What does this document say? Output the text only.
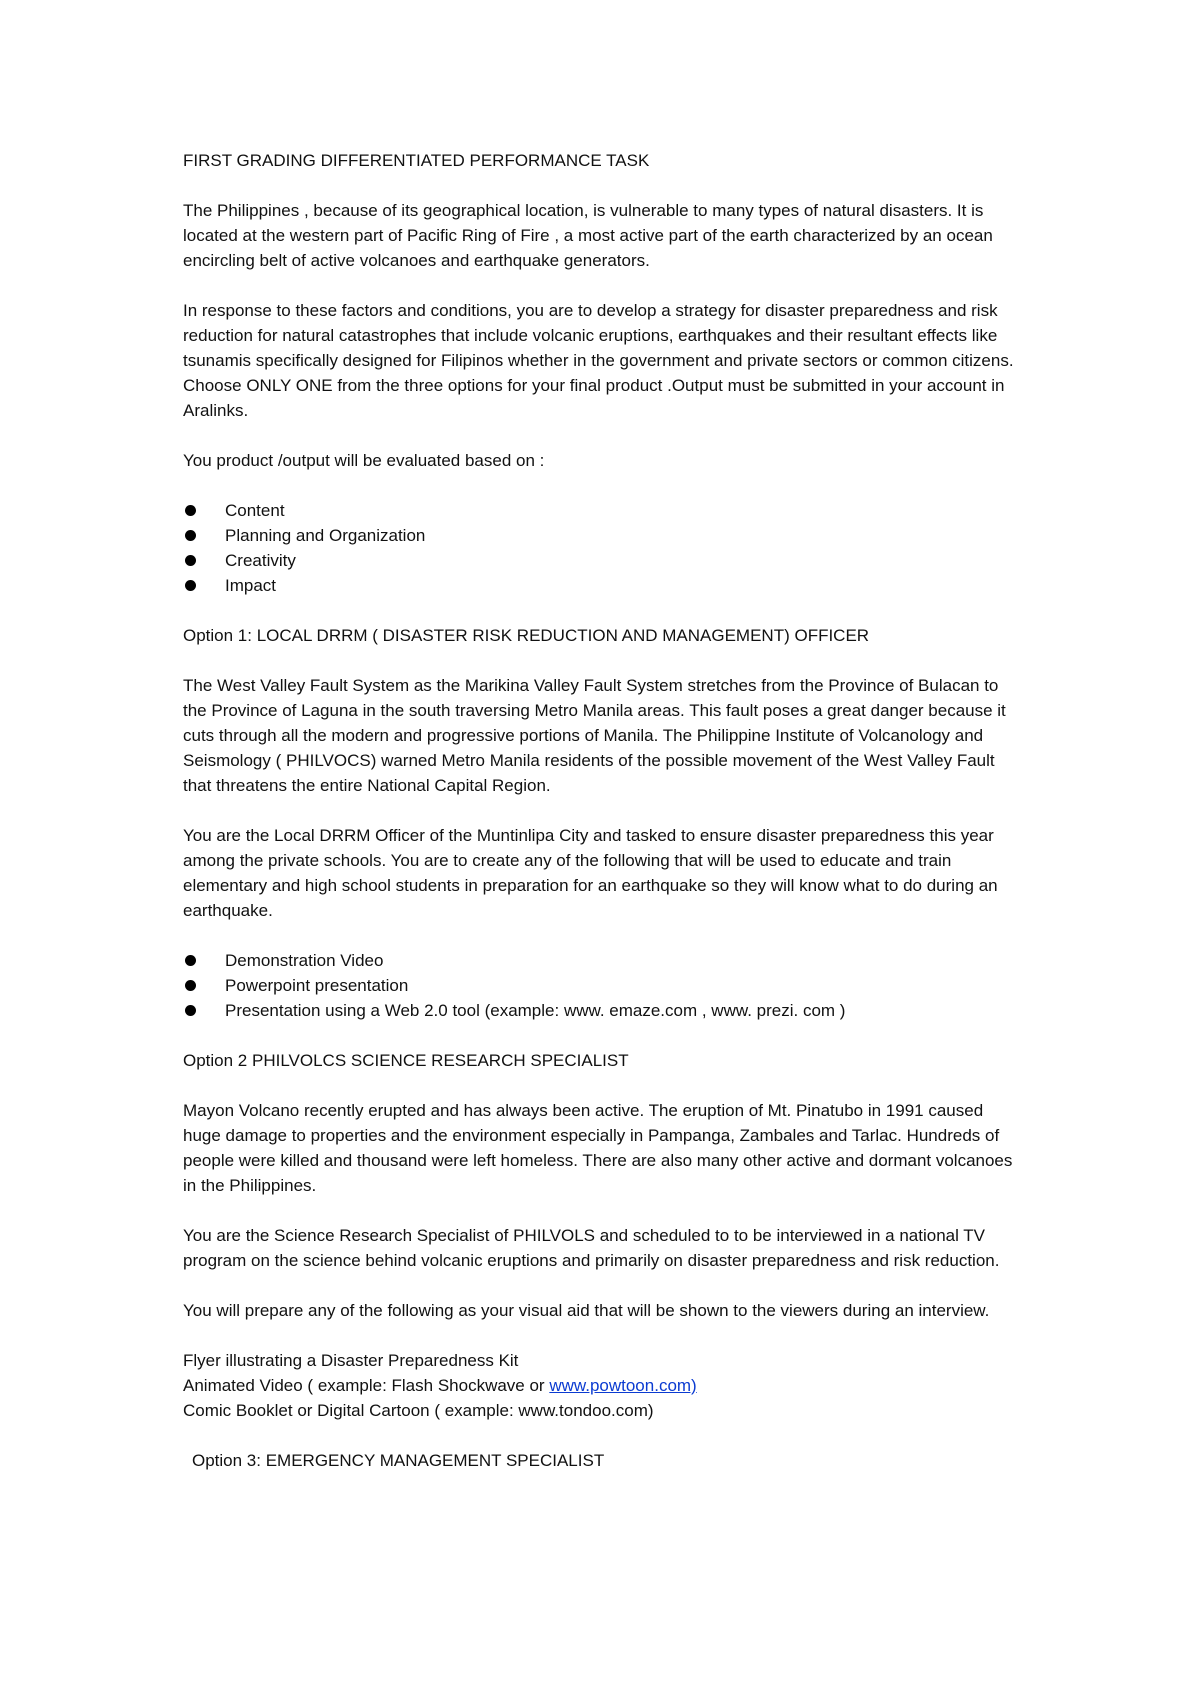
FIRST GRADING DIFFERENTIATED PERFORMANCE TASK

The Philippines , because of its geographical location, is vulnerable to many types of natural disasters. It is located at the western part of Pacific Ring of Fire , a most active part of the earth characterized by an ocean encircling belt of active volcanoes and earthquake generators.

In response to these factors and conditions, you are to develop a strategy for disaster preparedness and risk reduction for natural catastrophes that include volcanic eruptions, earthquakes and their resultant effects like tsunamis specifically designed for Filipinos whether in the government and private sectors or common citizens. Choose ONLY ONE from the three options for your final product .Output must be submitted in your account in Aralinks.

You product /output will be evaluated based on :

Content
Planning and Organization
Creativity
Impact

Option 1: LOCAL DRRM ( DISASTER RISK REDUCTION AND MANAGEMENT) OFFICER

The West Valley Fault System as the Marikina Valley Fault System stretches from the Province of Bulacan to the Province of Laguna in the south traversing Metro Manila areas. This fault poses a great danger because it cuts through all the modern and progressive portions of Manila. The Philippine Institute of Volcanology and Seismology ( PHILVOCS) warned Metro Manila residents of the possible movement of the West Valley Fault that threatens the entire National Capital Region.

You are the Local DRRM Officer of the Muntinlipa City and tasked to ensure disaster preparedness this year among the private schools. You are to create any of the following that will be used to educate and train elementary and high school students in preparation for an earthquake so they will know what to do during an earthquake.

Demonstration Video
Powerpoint presentation
Presentation using a Web 2.0 tool (example: www. emaze.com , www. prezi. com )

Option 2 PHILVOLCS SCIENCE RESEARCH SPECIALIST

Mayon Volcano recently erupted and has always been active. The eruption of Mt. Pinatubo in 1991 caused huge damage to properties and the environment especially in Pampanga, Zambales and Tarlac. Hundreds of people were killed and thousand were left homeless. There are also many other active and dormant volcanoes in the Philippines.

You are the Science Research Specialist of PHILVOLS and scheduled to to be interviewed in a national TV program on the science behind volcanic eruptions and primarily on disaster preparedness and risk reduction.

You will prepare any of the following as your visual aid that will be shown to the viewers during an interview.

Flyer illustrating a Disaster Preparedness Kit
Animated Video ( example: Flash Shockwave or www.powtoon.com)
Comic Booklet or Digital Cartoon ( example: www.tondoo.com)

Option 3: EMERGENCY MANAGEMENT SPECIALIST
